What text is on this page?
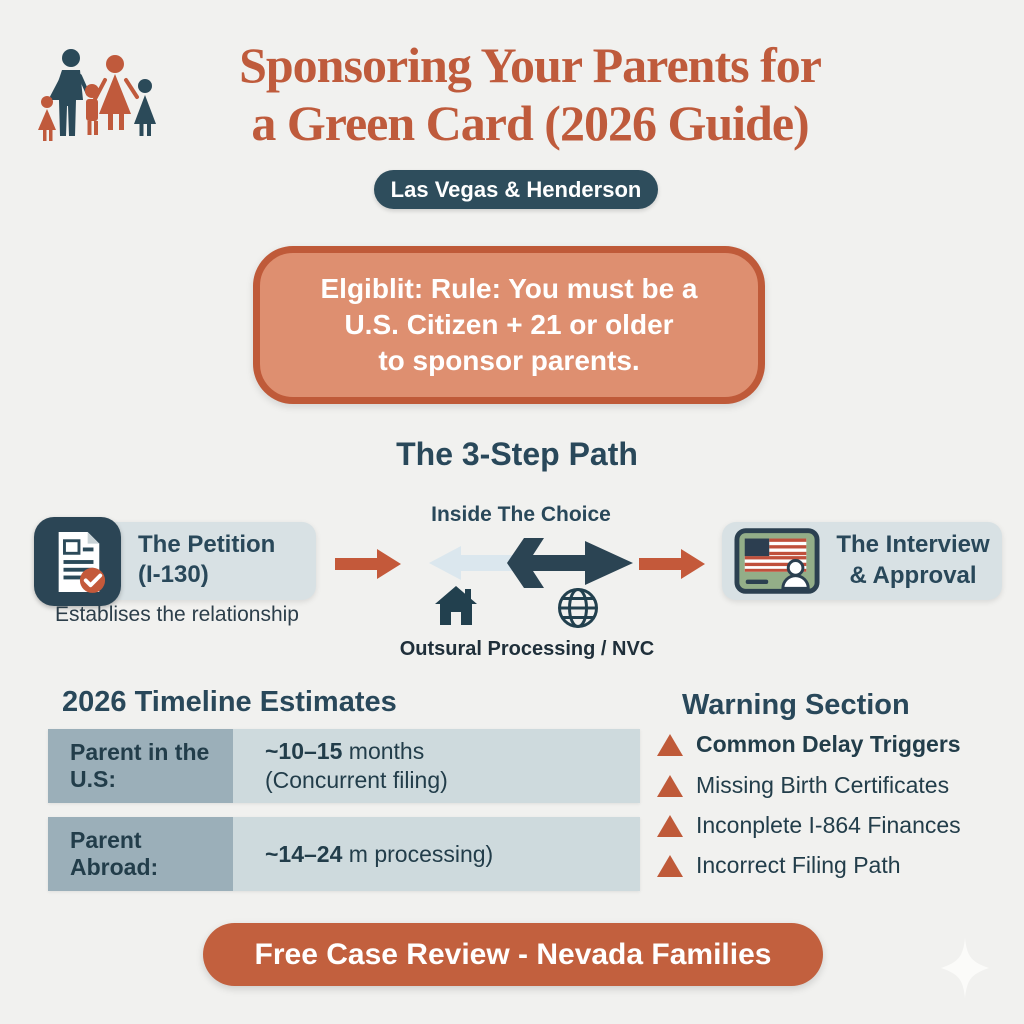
Sponsoring Your Parents for
a Green Card (2026 Guide)
Las Vegas & Henderson
Elgiblit: Rule: You must be a
U.S. Citizen + 21 or older
to sponsor parents.
The 3-Step Path
The Petition
(I-130)
Establises the relationship
Inside The Choice
Outsural Processing / NVC
The Interview
& Approval
2026 Timeline Estimates
Parent in the U.S:
~10–15 months
(Concurrent filing)
Parent Abroad:
~14–24 m processing)
Warning Section
Common Delay Triggers
Missing Birth Certificates
Inconplete I-864 Finances
Incorrect Filing Path
Free Case Review - Nevada Families
